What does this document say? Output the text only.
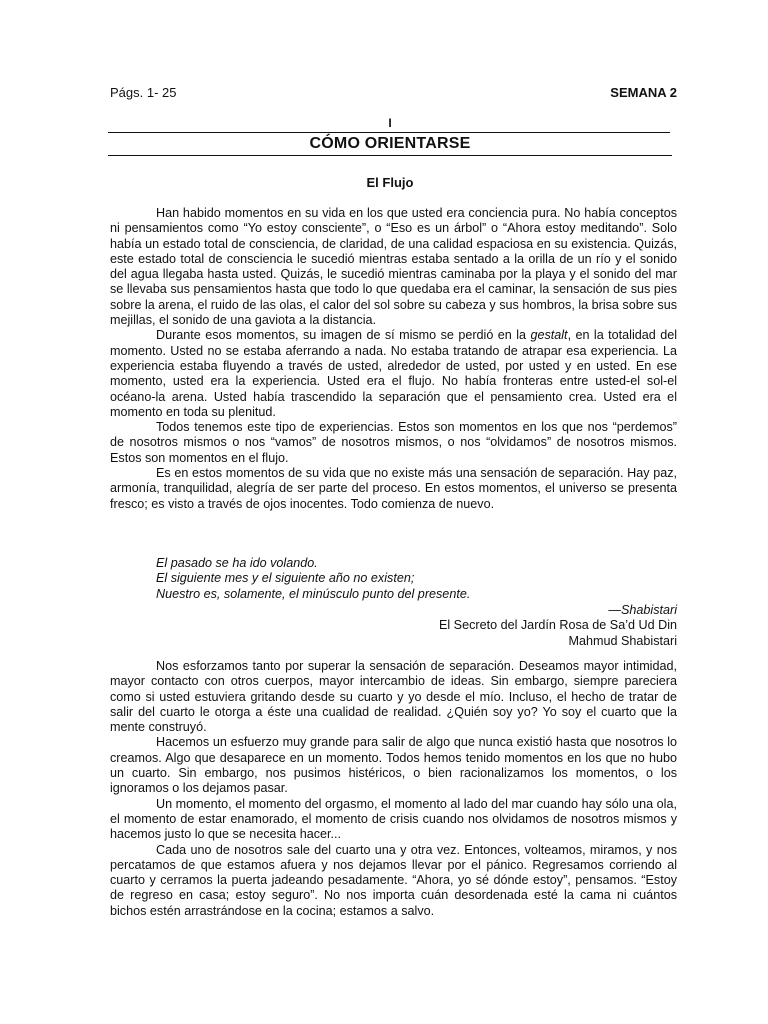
Págs. 1- 25	SEMANA 2
I
CÓMO ORIENTARSE
El Flujo

Han habido momentos en su vida en los que usted era conciencia pura. No había conceptos ni pensamientos como “Yo estoy consciente”, o “Eso es un árbol” o “Ahora estoy meditando”. Solo había un estado total de consciencia, de claridad, de una calidad espaciosa en su existencia. Quizás, este estado total de consciencia le sucedió mientras estaba sentado a la orilla de un río y el sonido del agua llegaba hasta usted. Quizás, le sucedió mientras caminaba por la playa y el sonido del mar se llevaba sus pensamientos hasta que todo lo que quedaba era el caminar, la sensación de sus pies sobre la arena, el ruido de las olas, el calor del sol sobre su cabeza y sus hombros, la brisa sobre sus mejillas, el sonido de una gaviota a la distancia.

Durante esos momentos, su imagen de sí mismo se perdió en la gestalt, en la totalidad del momento. Usted no se estaba aferrando a nada. No estaba tratando de atrapar esa experiencia. La experiencia estaba fluyendo a través de usted, alrededor de usted, por usted y en usted. En ese momento, usted era la experiencia. Usted era el flujo. No había fronteras entre usted-el sol-el océano-la arena. Usted había trascendido la separación que el pensamiento crea. Usted era el momento en toda su plenitud.

Todos tenemos este tipo de experiencias. Estos son momentos en los que nos “perdemos” de nosotros mismos o nos “vamos” de nosotros mismos, o nos “olvidamos” de nosotros mismos. Estos son momentos en el flujo.

Es en estos momentos de su vida que no existe más una sensación de separación. Hay paz, armonía, tranquilidad, alegría de ser parte del proceso. En estos momentos, el universo se presenta fresco; es visto a través de ojos inocentes. Todo comienza de nuevo.

El pasado se ha ido volando.
El siguiente mes y el siguiente año no existen;
Nuestro es, solamente, el minúsculo punto del presente.
—Shabistari
El Secreto del Jardín Rosa de Sa’d Ud Din
Mahmud Shabistari

Nos esforzamos tanto por superar la sensación de separación. Deseamos mayor intimidad, mayor contacto con otros cuerpos, mayor intercambio de ideas. Sin embargo, siempre pareciera como si usted estuviera gritando desde su cuarto y yo desde el mío. Incluso, el hecho de tratar de salir del cuarto le otorga a éste una cualidad de realidad. ¿Quién soy yo? Yo soy el cuarto que la mente construyó.

Hacemos un esfuerzo muy grande para salir de algo que nunca existió hasta que nosotros lo creamos. Algo que desaparece en un momento. Todos hemos tenido momentos en los que no hubo un cuarto. Sin embargo, nos pusimos histéricos, o bien racionalizamos los momentos, o los ignoramos o los dejamos pasar.

Un momento, el momento del orgasmo, el momento al lado del mar cuando hay sólo una ola, el momento de estar enamorado, el momento de crisis cuando nos olvidamos de nosotros mismos y hacemos justo lo que se necesita hacer...

Cada uno de nosotros sale del cuarto una y otra vez. Entonces, volteamos, miramos, y nos percatamos de que estamos afuera y nos dejamos llevar por el pánico. Regresamos corriendo al cuarto y cerramos la puerta jadeando pesadamente. “Ahora, yo sé dónde estoy”, pensamos. “Estoy de regreso en casa; estoy seguro”. No nos importa cuán desordenada esté la cama ni cuántos bichos estén arrastrándose en la cocina; estamos a salvo.
